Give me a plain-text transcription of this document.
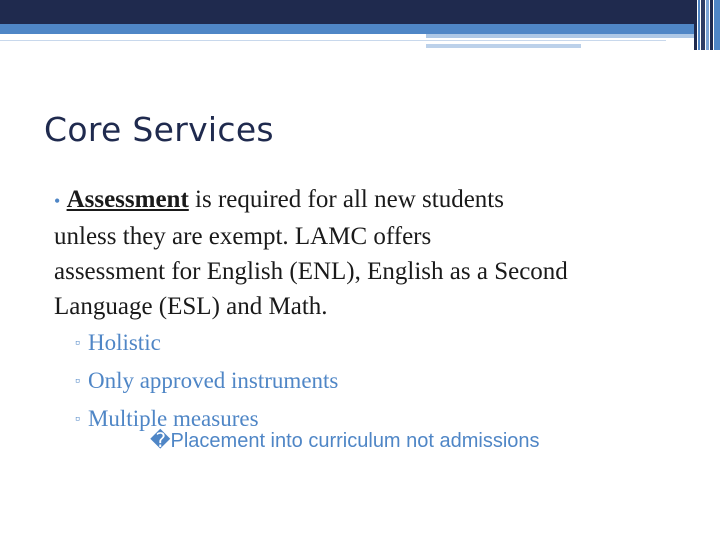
Core Services
• Assessment is required for all new students
unless they are exempt. LAMC offers
assessment for English (ENL), English as a Second
Language (ESL) and Math.
▫ Holistic
▫ Only approved instruments
▫ Multiple measures
�Placement into curriculum not admissions
